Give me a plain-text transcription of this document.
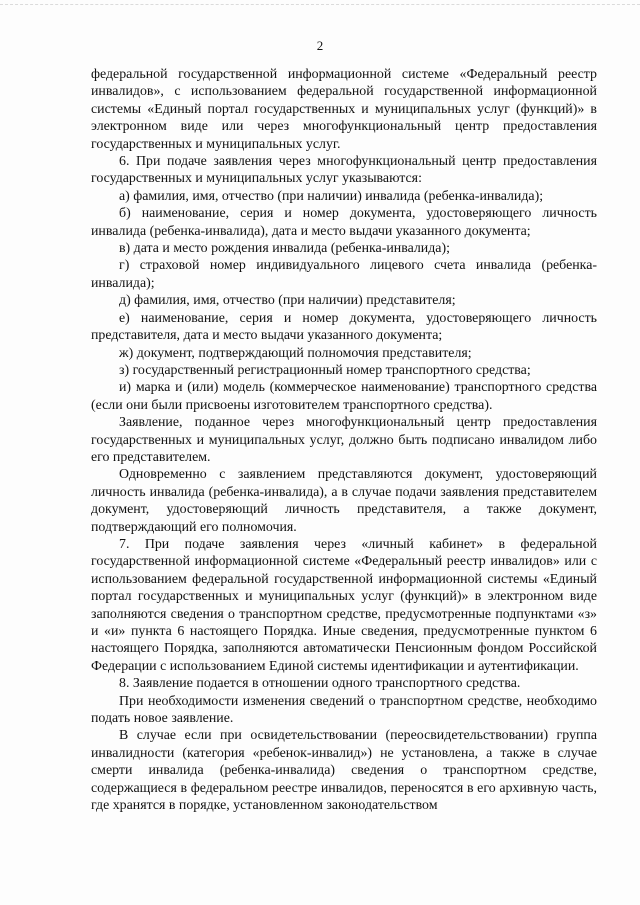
2

федеральной государственной информационной системе «Федеральный реестр инвалидов», с использованием федеральной государственной информационной системы «Единый портал государственных и муниципальных услуг (функций)» в электронном виде или через многофункциональный центр предоставления государственных и муниципальных услуг.

6. При подаче заявления через многофункциональный центр предоставления государственных и муниципальных услуг указываются:

а) фамилия, имя, отчество (при наличии) инвалида (ребенка-инвалида);

б) наименование, серия и номер документа, удостоверяющего личность инвалида (ребенка-инвалида), дата и место выдачи указанного документа;

в) дата и место рождения инвалида (ребенка-инвалида);

г) страховой номер индивидуального лицевого счета инвалида (ребенка-инвалида);

д) фамилия, имя, отчество (при наличии) представителя;

е) наименование, серия и номер документа, удостоверяющего личность представителя, дата и место выдачи указанного документа;

ж) документ, подтверждающий полномочия представителя;

з) государственный регистрационный номер транспортного средства;

и) марка и (или) модель (коммерческое наименование) транспортного средства (если они были присвоены изготовителем транспортного средства).

Заявление, поданное через многофункциональный центр предоставления государственных и муниципальных услуг, должно быть подписано инвалидом либо его представителем.

Одновременно с заявлением представляются документ, удостоверяющий личность инвалида (ребенка-инвалида), а в случае подачи заявления представителем документ, удостоверяющий личность представителя, а также документ, подтверждающий его полномочия.

7. При подаче заявления через «личный кабинет» в федеральной государственной информационной системе «Федеральный реестр инвалидов» или с использованием федеральной государственной информационной системы «Единый портал государственных и муниципальных услуг (функций)» в электронном виде заполняются сведения о транспортном средстве, предусмотренные подпунктами «з» и «и» пункта 6 настоящего Порядка. Иные сведения, предусмотренные пунктом 6 настоящего Порядка, заполняются автоматически Пенсионным фондом Российской Федерации с использованием Единой системы идентификации и аутентификации.

8. Заявление подается в отношении одного транспортного средства.

При необходимости изменения сведений о транспортном средстве, необходимо подать новое заявление.

В случае если при освидетельствовании (переосвидетельствовании) группа инвалидности (категория «ребенок-инвалид») не установлена, а также в случае смерти инвалида (ребенка-инвалида) сведения о транспортном средстве, содержащиеся в федеральном реестре инвалидов, переносятся в его архивную часть, где хранятся в порядке, установленном законодательством
